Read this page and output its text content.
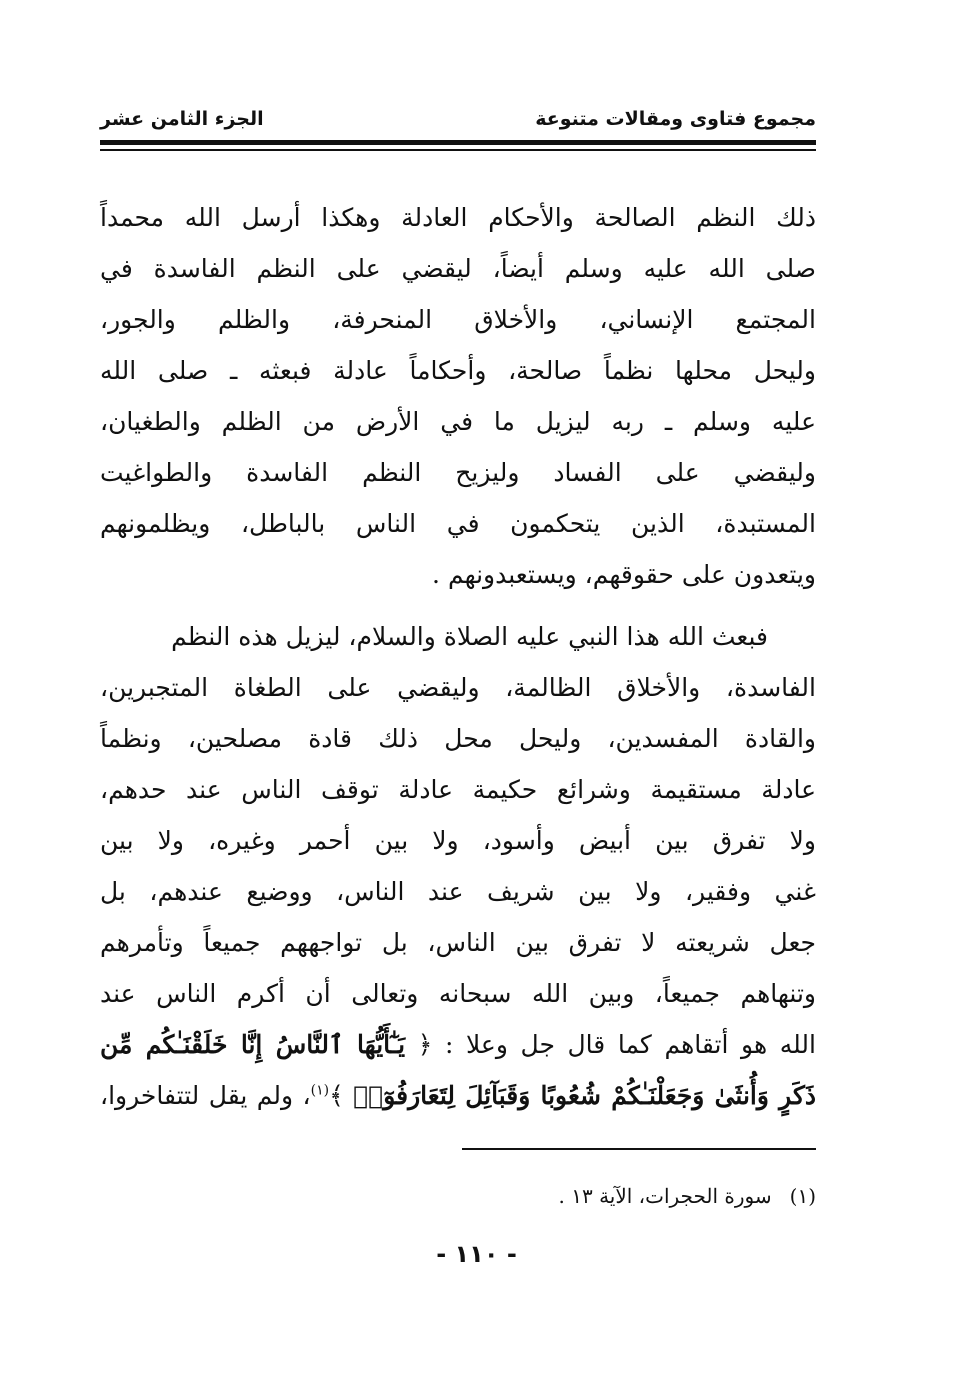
مجموع فتاوى ومقالات متنوعة
الجزء الثامن عشر
ذلك النظم الصالحة والأحكام العادلة وهكذا أرسل الله محمداً
صلى الله عليه وسلم أيضاً، ليقضي على النظم الفاسدة في
المجتمع الإنساني، والأخلاق المنحرفة، والظلم والجور،
وليحل محلها نظماً صالحة، وأحكاماً عادلة فبعثه ـ صلى الله
عليه وسلم ـ ربه ليزيل ما في الأرض من الظلم والطغيان،
وليقضي على الفساد وليزيح النظم الفاسدة والطواغيت
المستبدة، الذين يتحكمون في الناس بالباطل، ويظلمونهم
ويتعدون على حقوقهم، ويستعبدونهم .
فبعث الله هذا النبي عليه الصلاة والسلام، ليزيل هذه النظم
الفاسدة، والأخلاق الظالمة، وليقضي على الطغاة المتجبرين،
والقادة المفسدين، وليحل محل ذلك قادة مصلحين، ونظماً
عادلة مستقيمة وشرائع حكيمة عادلة توقف الناس عند حدهم،
ولا تفرق بين أبيض وأسود، ولا بين أحمر وغيره، ولا بين
غني وفقير، ولا بين شريف عند الناس، ووضيع عندهم، بل
جعل شريعته لا تفرق بين الناس، بل تواجههم جميعاً وتأمرهم
وتنهاهم جميعاً، وبين الله سبحانه وتعالى أن أكرم الناس عند
الله هو أتقاهم كما قال جل وعلا : ﴿ يَـٰٓأَيُّهَا ٱلنَّاسُ إِنَّا خَلَقْنَـٰكُم مِّن
ذَكَرٍ وَأُنثَىٰ وَجَعَلْنَـٰكُمْ شُعُوبًا وَقَبَآئِلَ لِتَعَارَفُوٓا۟ ﴾$^{(١)}$، ولم يقل لتتفاخروا،
(١)سورة الحجرات، الآية ١٣ .
- ١١٠ -
